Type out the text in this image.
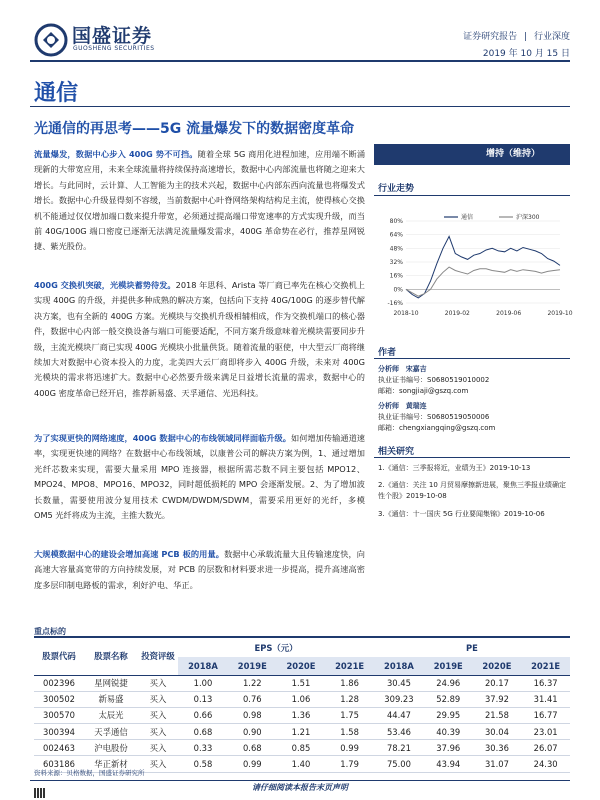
国盛证券
GUOSHENG SECURITIES
证券研究报告 | 行业深度
2019 年 10 月 15 日
通信
光通信的再思考——5G 流量爆发下的数据密度革命
流量爆发，数据中心步入 400G 势不可挡。随着全球 5G 商用化进程加速，应用端不断涌现新的大带宽应用，未来全球流量将持续保持高速增长，数据中心内部流量也将随之迎来大增长。与此同时，云计算、人工智能为主的技术兴起，数据中心内部东西向流量也将爆发式增长。数据中心升级显得刻不容缓，当前数据中心叶脊网络架构结构足主流，使得核心交换机不能通过仅仅增加端口数来提升带宽，必须通过提高端口带宽速率的方式实现升级，而当前 40G/100G 端口密度已逐渐无法满足流量爆发需求，400G 革命势在必行，推荐星网锐捷、紫光股份。
400G 交换机突破，光模块蓄势待发。2018 年思科、Arista 等厂商已率先在核心交换机上实现 400G 的升级，并提供多种成熟的解决方案，包括向下支持 40G/100G 的逐步替代解决方案，也有全新的 400G 方案。光模块与交换机升级相辅相成，作为交换机端口的核心器件，数据中心内部一般交换设备与端口可能要适配，不同方案升级意味着光模块需要同步升级，主流光模块厂商已实现 400G 光模块小批量供货。随着流量的驱使，中大型云厂商将继续加大对数据中心资本投入的力度，北美四大云厂商即将步入 400G 升级，未来对 400G 光模块的需求将迅速扩大。数据中心必然要升级来满足日益增长流量的需求，数据中心的 400G 密度革命已经开启，推荐新易盛、天孚通信、光迅科技。
为了实现更快的网络速度，400G 数据中心的布线领域同样面临升级。如何增加传输通道速率，实现更快速的网络？在数据中心布线领域，以康普公司的解决方案为例，1、通过增加光纤芯数来实现，需要大量采用 MPO 连接器，根据所需芯数不同主要包括 MPO12、MPO24、MPO8、MPO16、MPO32，同时超低损耗的 MPO 会逐渐发展。2、为了增加波长数量，需要使用波分复用技术 CWDM/DWDM/SDWM，需要采用更好的光纤，多模 OM5 光纤将成为主流，主推大数光。
大规模数据中心的建设会增加高速 PCB 板的用量。数据中心承载流量大且传输速度快，向高速大容量高宽带的方向持续发展，对 PCB 的层数和材料要求进一步提高，提升高速高密度多层印制电路板的需求，利好沪电、华正。
增持（维持）
行业走势
80%
64%
48%
32%
16%
0%
-16%
2018-10	2019-02	2019-06	2019-10
通信	沪深300
作者
分析师 宋嘉吉
执业证书编号：S0680519010002
邮箱：songjiaji@gszq.com
分析师 黄瑞连
执业证书编号：S0680519050006
邮箱：chengxiangqing@gszq.com
相关研究
1.《通信：三季报将近，业绩为王》2019-10-13
2.《通信：关注 10 月贸易摩擦新进展，聚焦三季报业绩确定性个股》2019-10-08
3.《通信：十一国庆 5G 行业要闻集锦》2019-10-06
重点标的
股票代码	股票名称	投资评级	EPS（元）				PE			
			2018A	2019E	2020E	2021E	2018A	2019E	2020E	2021E
002396	星网锐捷	买入	1.00	1.22	1.51	1.86	30.45	24.96	20.17	16.37
300502	新易盛	买入	0.13	0.76	1.06	1.28	309.23	52.89	37.92	31.41
300570	太辰光	买入	0.66	0.98	1.36	1.75	44.47	29.95	21.58	16.77
300394	天孚通信	买入	0.68	0.90	1.21	1.58	53.46	40.39	30.04	23.01
002463	沪电股份	买入	0.33	0.68	0.85	0.99	78.21	37.96	30.36	26.07
603186	华正新材	买入	0.58	0.99	1.40	1.79	75.00	43.94	31.07	24.30
资料来源：贝格数据，国盛证券研究所
请仔细阅读本报告末页声明
